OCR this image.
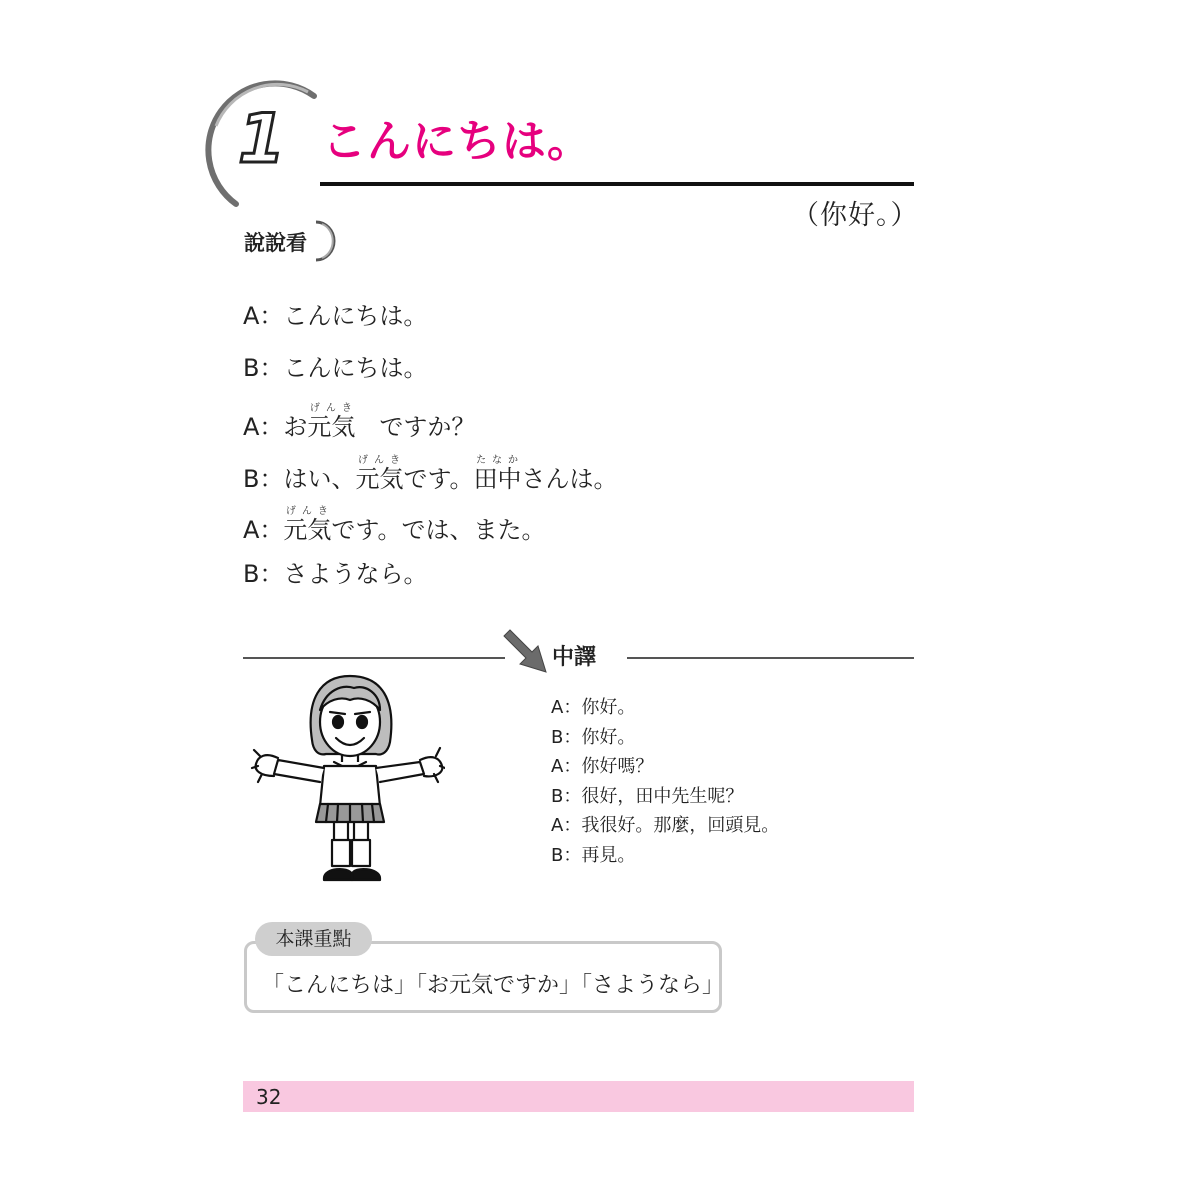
1 こんにちは。
（你好。）
說說看
A：こんにちは。
B：こんにちは。
A：お元気げんき　ですか？
B：はい、元気げんきです。田中たなかさんは。
A：元気げんきです。では、また。
B：さようなら。
中譯
A：你好。
B：你好。
A：你好嗎？
B：很好，田中先生呢？
A：我很好。那麼，回頭見。
B：再見。
本課重點
「こんにちは」「お元気ですか」「さようなら」
32
